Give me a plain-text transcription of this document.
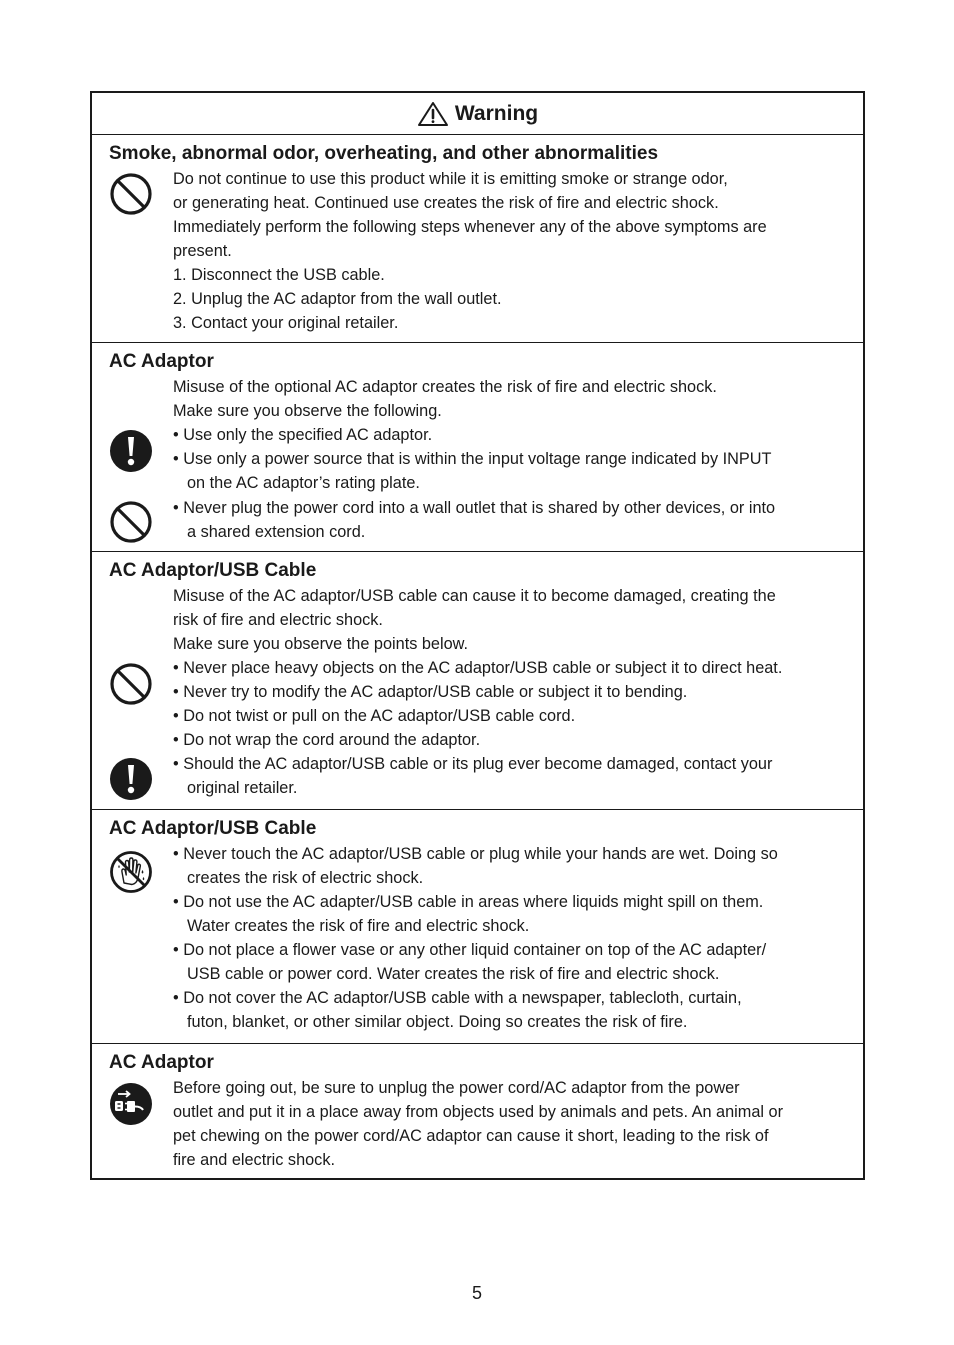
Warning
Smoke, abnormal odor, overheating, and other abnormalities
Do not continue to use this product while it is emitting smoke or strange odor,
or generating heat. Continued use creates the risk of fire and electric shock.
Immediately perform the following steps whenever any of the above symptoms are
present.
1. Disconnect the USB cable.
2. Unplug the AC adaptor from the wall outlet.
3. Contact your original retailer.
AC Adaptor
Misuse of the optional AC adaptor creates the risk of fire and electric shock.
Make sure you observe the following.
• Use only the specified AC adaptor.
• Use only a power source that is within the input voltage range indicated by INPUT
on the AC adaptor’s rating plate.
• Never plug the power cord into a wall outlet that is shared by other devices, or into
a shared extension cord.
AC Adaptor/USB Cable
Misuse of the AC adaptor/USB cable can cause it to become damaged, creating the
risk of fire and electric shock.
Make sure you observe the points below.
• Never place heavy objects on the AC adaptor/USB cable or subject it to direct heat.
• Never try to modify the AC adaptor/USB cable or subject it to bending.
• Do not twist or pull on the AC adaptor/USB cable cord.
• Do not wrap the cord around the adaptor.
• Should the AC adaptor/USB cable or its plug ever become damaged, contact your
original retailer.
AC Adaptor/USB Cable
• Never touch the AC adaptor/USB cable or plug while your hands are wet. Doing so
creates the risk of electric shock.
• Do not use the AC adapter/USB cable in areas where liquids might spill on them.
Water creates the risk of fire and electric shock.
• Do not place a flower vase or any other liquid container on top of the AC adapter/
USB cable or power cord. Water creates the risk of fire and electric shock.
• Do not cover the AC adaptor/USB cable with a newspaper, tablecloth, curtain,
futon, blanket, or other similar object. Doing so creates the risk of fire.
AC Adaptor
Before going out, be sure to unplug the power cord/AC adaptor from the power
outlet and put it in a place away from objects used by animals and pets. An animal or
pet chewing on the power cord/AC adaptor can cause it short, leading to the risk of
fire and electric shock.
5
